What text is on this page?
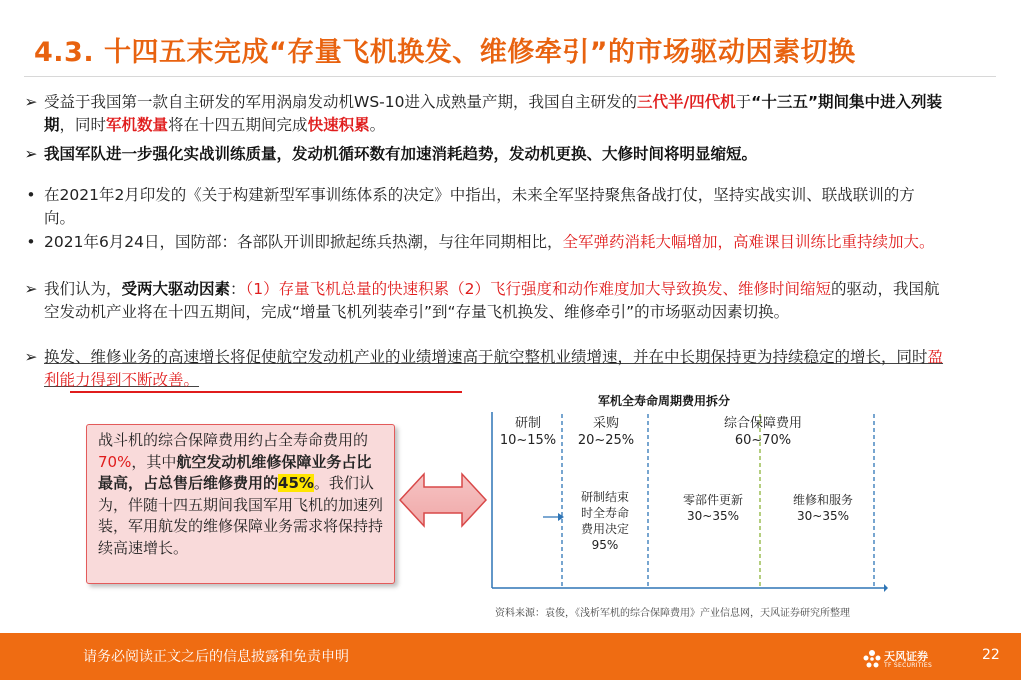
4.3. 十四五末完成“存量飞机换发、维修牵引”的市场驱动因素切换
➢ 受益于我国第一款自主研发的军用涡扇发动机WS-10进入成熟量产期，我国自主研发的三代半/四代机于“十三五”期间集中进入列装期，同时军机数量将在十四五期间完成快速积累。
➢ 我国军队进一步强化实战训练质量，发动机循环数有加速消耗趋势，发动机更换、大修时间将明显缩短。
• 在2021年2月印发的《关于构建新型军事训练体系的决定》中指出，未来全军坚持聚焦备战打仗，坚持实战实训、联战联训的方向。
• 2021年6月24日，国防部：各部队开训即掀起练兵热潮，与往年同期相比，全军弹药消耗大幅增加，高难课目训练比重持续加大。
➢ 我们认为，受两大驱动因素：（1）存量飞机总量的快速积累（2）飞行强度和动作难度加大导致换发、维修时间缩短的驱动，我国航空发动机产业将在十四五期间，完成“增量飞机列装牵引”到“存量飞机换发、维修牵引”的市场驱动因素切换。
➢ 换发、维修业务的高速增长将促使航空发动机产业的业绩增速高于航空整机业绩增速，并在中长期保持更为持续稳定的增长，同时盈利能力得到不断改善。
战斗机的综合保障费用约占全寿命费用的70%，其中航空发动机维修保障业务占比最高，占总售后维修费用的45%。我们认为，伴随十四五期间我国军用飞机的加速列装，军用航发的维修保障业务需求将保持持续高速增长。
军机全寿命周期费用拆分
研制
10~15%
采购
20~25%
综合保障费用
60~70%
研制结束时全寿命费用决定
95%
零部件更新
30~35%
维修和服务
30~35%
资料来源：袁俊，《浅析军机的综合保障费用》产业信息网，天风证券研究所整理
请务必阅读正文之后的信息披露和免责申明	天风证券
TF SECURITIES
22
